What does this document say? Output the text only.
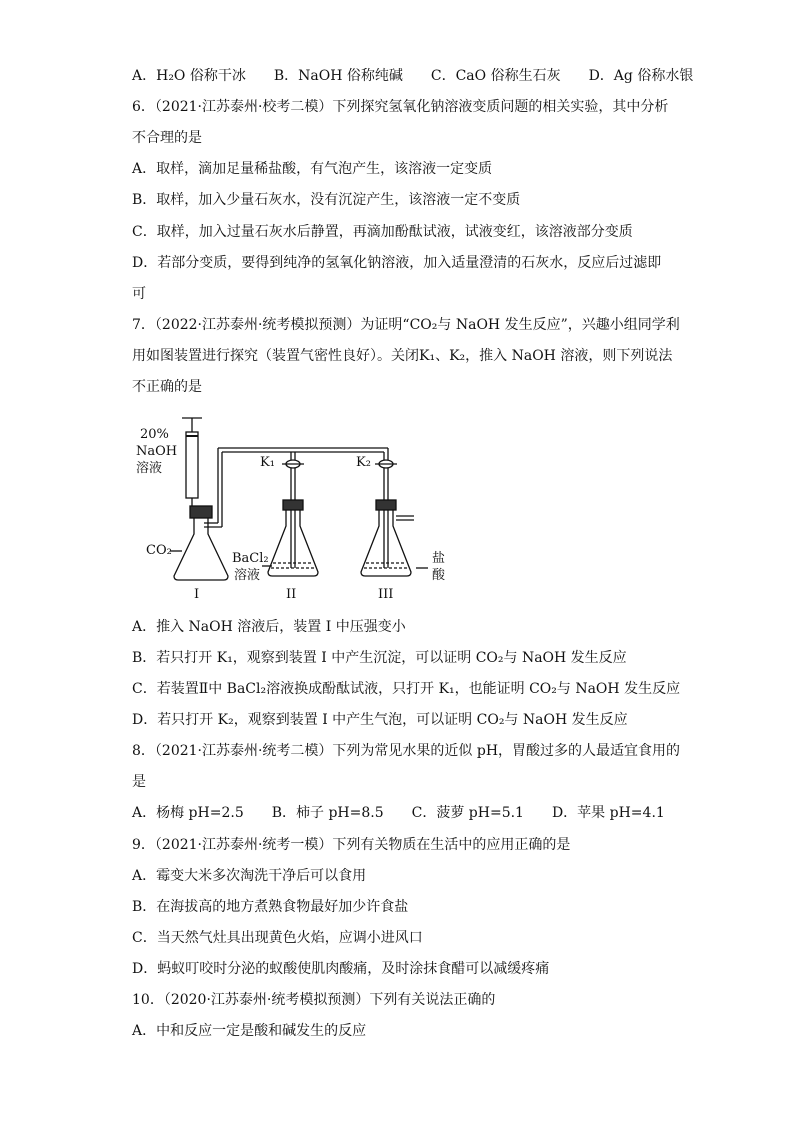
A．H₂O 俗称干冰　　B．NaOH 俗称纯碱　　C．CaO 俗称生石灰　　D．Ag 俗称水银
6．（2021·江苏泰州·校考二模）下列探究氢氧化钠溶液变质问题的相关实验，其中分析
不合理的是
A．取样，滴加足量稀盐酸，有气泡产生，该溶液一定变质
B．取样，加入少量石灰水，没有沉淀产生，该溶液一定不变质
C．取样，加入过量石灰水后静置，再滴加酚酞试液，试液变红，该溶液部分变质
D．若部分变质，要得到纯净的氢氧化钠溶液，加入适量澄清的石灰水，反应后过滤即
可
7．（2022·江苏泰州·统考模拟预测）为证明“CO₂与 NaOH 发生反应”，兴趣小组同学利
用如图装置进行探究（装置气密性良好）。关闭K₁、K₂，推入 NaOH 溶液，则下列说法
不正确的是
20%
NaOH
溶液
CO₂
K₁	K₂
BaCl₂
溶液
盐
酸
I	II	III
A．推入 NaOH 溶液后，装置 I 中压强变小
B．若只打开 K₁，观察到装置 I 中产生沉淀，可以证明 CO₂与 NaOH 发生反应
C．若装置Ⅱ中 BaCl₂溶液换成酚酞试液，只打开 K₁，也能证明 CO₂与 NaOH 发生反应
D．若只打开 K₂，观察到装置 I 中产生气泡，可以证明 CO₂与 NaOH 发生反应
8．（2021·江苏泰州·统考二模）下列为常见水果的近似 pH，胃酸过多的人最适宜食用的
是
A．杨梅 pH=2.5　　B．柿子 pH=8.5　　C．菠萝 pH=5.1　　D．苹果 pH=4.1
9．（2021·江苏泰州·统考一模）下列有关物质在生活中的应用正确的是
A．霉变大米多次淘洗干净后可以食用
B．在海拔高的地方煮熟食物最好加少许食盐
C．当天然气灶具出现黄色火焰，应调小进风口
D．蚂蚁叮咬时分泌的蚁酸使肌肉酸痛，及时涂抹食醋可以减缓疼痛
10．（2020·江苏泰州·统考模拟预测）下列有关说法正确的
A．中和反应一定是酸和碱发生的反应
